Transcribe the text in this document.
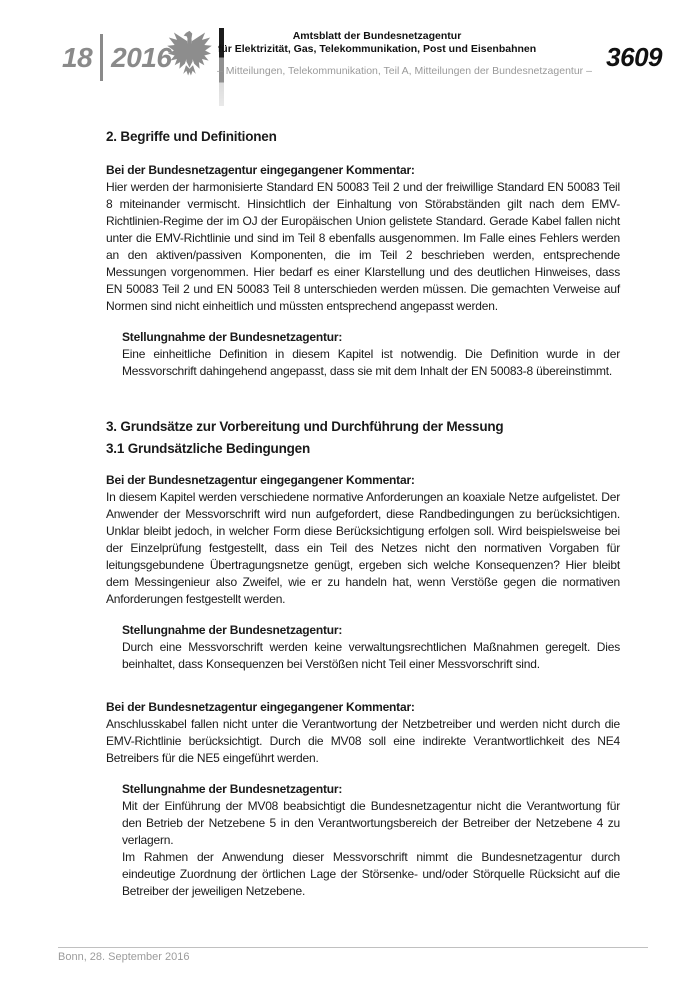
18 2016
Amtsblatt der Bundesnetzagentur
für Elektrizität, Gas, Telekommunikation, Post und Eisenbahnen
– Mitteilungen, Telekommunikation, Teil A, Mitteilungen der Bundesnetzagentur – 3609
2. Begriffe und Definitionen
Bei der Bundesnetzagentur eingegangener Kommentar:

Hier werden der harmonisierte Standard EN 50083 Teil 2 und der freiwillige Standard EN 50083 Teil 8 miteinander vermischt. Hinsichtlich der Einhaltung von Störabständen gilt nach dem EMV-Richtlinien-Regime der im OJ der Europäischen Union gelistete Standard. Gerade Kabel fallen nicht unter die EMV-Richtlinie und sind im Teil 8 ebenfalls ausgenommen. Im Falle eines Fehlers werden an den aktiven/passiven Komponenten, die im Teil 2 beschrieben werden, entsprechende Messungen vorgenommen. Hier bedarf es einer Klarstellung und des deutlichen Hinweises, dass EN 50083 Teil 2 und EN 50083 Teil 8 unterschieden werden müssen. Die gemachten Verweise auf Normen sind nicht einheitlich und müssten entsprechend angepasst werden.

Stellungnahme der Bundesnetzagentur:

Eine einheitliche Definition in diesem Kapitel ist notwendig. Die Definition wurde in der Messvorschrift dahingehend angepasst, dass sie mit dem Inhalt der EN 50083-8 übereinstimmt.

3. Grundsätze zur Vorbereitung und Durchführung der Messung
3.1 Grundsätzliche Bedingungen
Bei der Bundesnetzagentur eingegangener Kommentar:

In diesem Kapitel werden verschiedene normative Anforderungen an koaxiale Netze aufgelistet. Der Anwender der Messvorschrift wird nun aufgefordert, diese Randbedingungen zu berücksichtigen. Unklar bleibt jedoch, in welcher Form diese Berücksichtigung erfolgen soll. Wird beispielsweise bei der Einzelprüfung festgestellt, dass ein Teil des Netzes nicht den normativen Vorgaben für leitungsgebundene Übertragungsnetze genügt, ergeben sich welche Konsequenzen? Hier bleibt dem Messingenieur also Zweifel, wie er zu handeln hat, wenn Verstöße gegen die normativen Anforderungen festgestellt werden.

Stellungnahme der Bundesnetzagentur:

Durch eine Messvorschrift werden keine verwaltungsrechtlichen Maßnahmen geregelt. Dies beinhaltet, dass Konsequenzen bei Verstößen nicht Teil einer Messvorschrift sind.

Bei der Bundesnetzagentur eingegangener Kommentar:

Anschlusskabel fallen nicht unter die Verantwortung der Netzbetreiber und werden nicht durch die EMV-Richtlinie berücksichtigt. Durch die MV08 soll eine indirekte Verantwortlichkeit des NE4 Betreibers für die NE5 eingeführt werden.

Stellungnahme der Bundesnetzagentur:

Mit der Einführung der MV08 beabsichtigt die Bundesnetzagentur nicht die Verantwortung für den Betrieb der Netzebene 5 in den Verantwortungsbereich der Betreiber der Netzebene 4 zu verlagern.

Im Rahmen der Anwendung dieser Messvorschrift nimmt die Bundesnetzagentur durch eindeutige Zuordnung der örtlichen Lage der Störsenke- und/oder Störquelle Rücksicht auf die Betreiber der jeweiligen Netzebene.

Bonn, 28. September 2016
